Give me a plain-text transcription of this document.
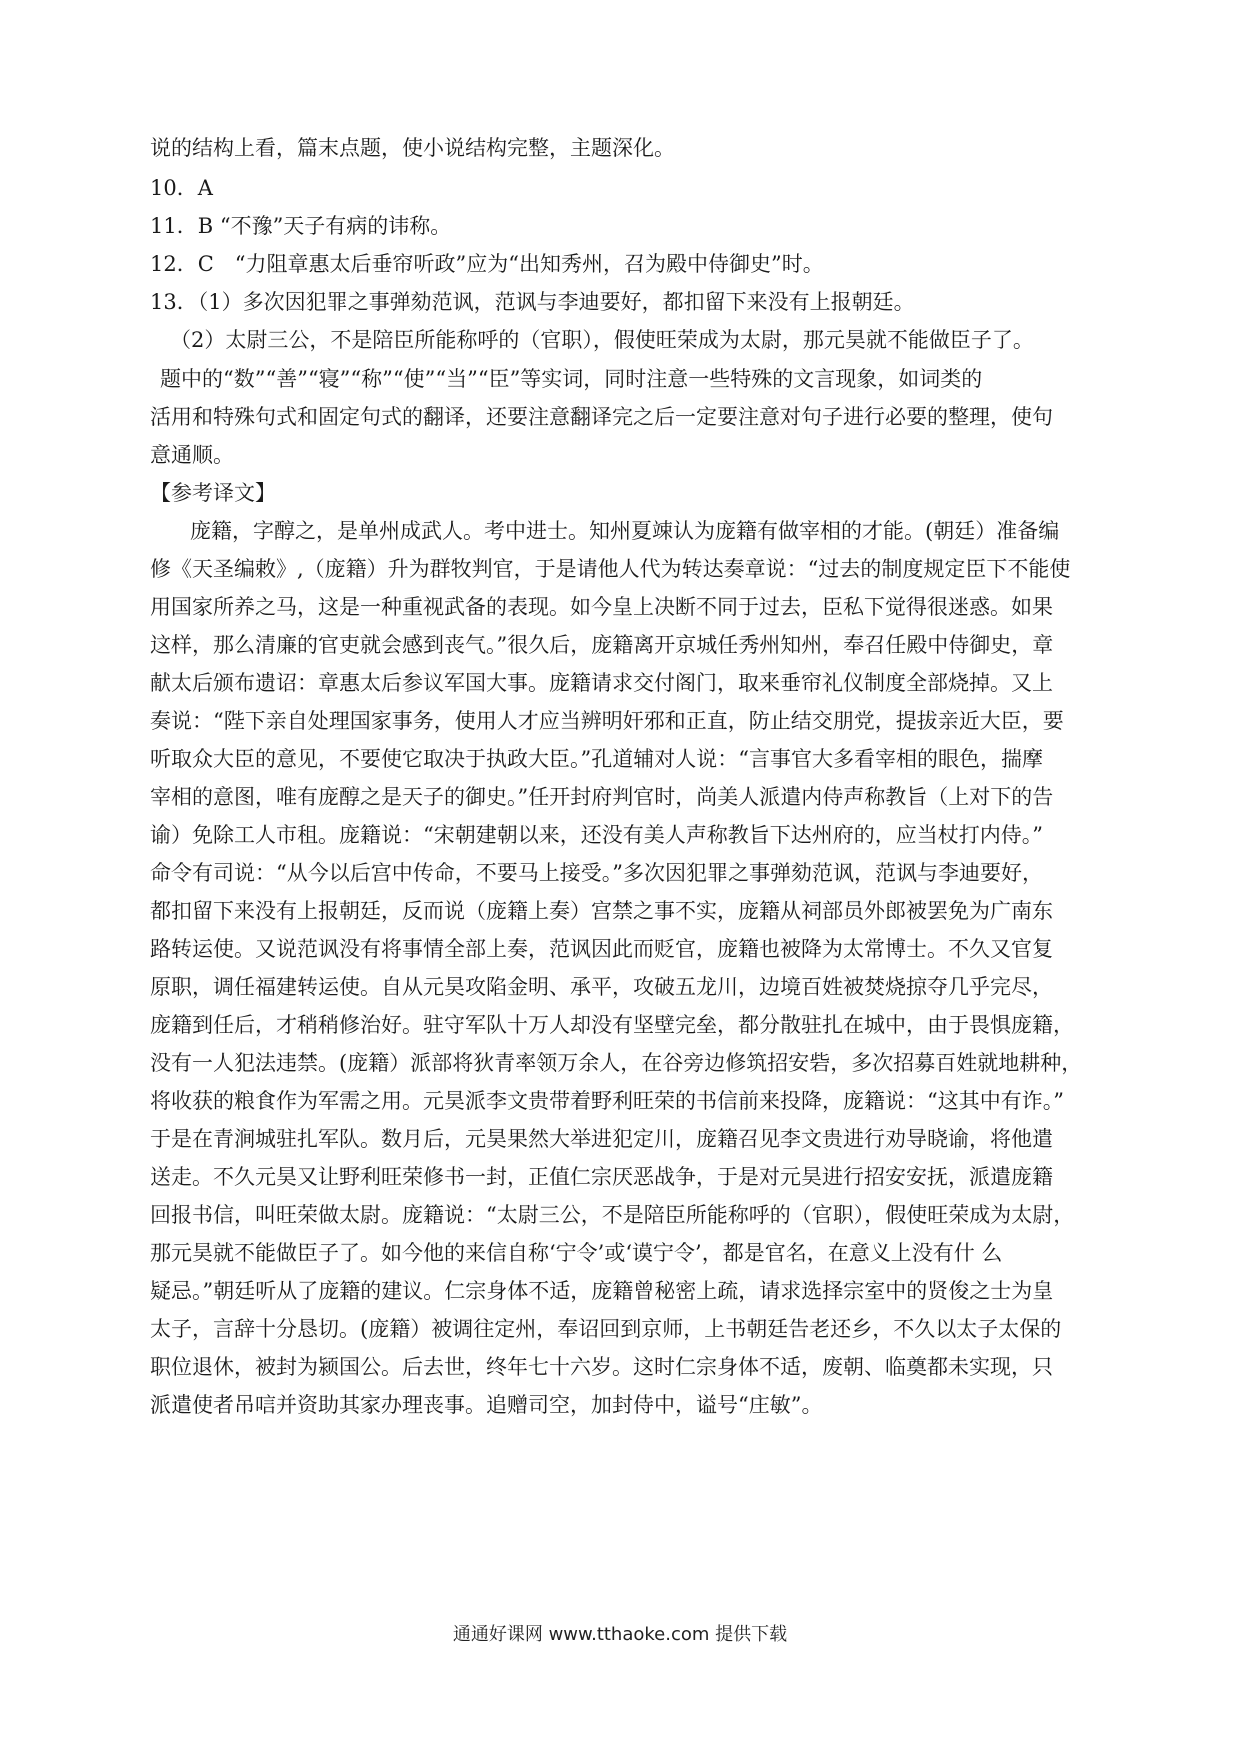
说的结构上看，篇末点题，使小说结构完整，主题深化。
10．A
11．B “不豫”天子有病的讳称。
12．C　“力阻章惠太后垂帘听政”应为“出知秀州，召为殿中侍御史”时。
13．（1）多次因犯罪之事弹劾范讽，范讽与李迪要好，都扣留下来没有上报朝廷。
（2）太尉三公，不是陪臣所能称呼的（官职），假使旺荣成为太尉，那元昊就不能做臣子了。
题中的“数”“善”“寝”“称”“使”“当”“臣”等实词，同时注意一些特殊的文言现象，如词类的
活用和特殊句式和固定句式的翻译，还要注意翻译完之后一定要注意对句子进行必要的整理，使句
意通顺。
【参考译文】
庞籍，字醇之，是单州成武人。考中进士。知州夏竦认为庞籍有做宰相的才能。(朝廷）准备编
修《天圣编敕》,（庞籍）升为群牧判官，于是请他人代为转达奏章说：“过去的制度规定臣下不能使
用国家所养之马，这是一种重视武备的表现。如今皇上决断不同于过去，臣私下觉得很迷惑。如果
这样，那么清廉的官吏就会感到丧气。”很久后，庞籍离开京城任秀州知州，奉召任殿中侍御史，章
献太后颁布遗诏：章惠太后参议军国大事。庞籍请求交付阁门，取来垂帘礼仪制度全部烧掉。又上
奏说：“陛下亲自处理国家事务，使用人才应当辨明奸邪和正直，防止结交朋党，提拔亲近大臣，要
听取众大臣的意见，不要使它取决于执政大臣。”孔道辅对人说：“言事官大多看宰相的眼色，揣摩
宰相的意图，唯有庞醇之是天子的御史。”任开封府判官时，尚美人派遣内侍声称教旨（上对下的告
谕）免除工人市租。庞籍说：“宋朝建朝以来，还没有美人声称教旨下达州府的，应当杖打内侍。”
命令有司说：“从今以后宫中传命，不要马上接受。”多次因犯罪之事弹劾范讽，范讽与李迪要好，
都扣留下来没有上报朝廷，反而说（庞籍上奏）宫禁之事不实，庞籍从祠部员外郎被罢免为广南东
路转运使。又说范讽没有将事情全部上奏，范讽因此而贬官，庞籍也被降为太常博士。不久又官复
原职，调任福建转运使。自从元昊攻陷金明、承平，攻破五龙川，边境百姓被焚烧掠夺几乎完尽，
庞籍到任后，才稍稍修治好。驻守军队十万人却没有坚壁完垒，都分散驻扎在城中，由于畏惧庞籍，
没有一人犯法违禁。(庞籍）派部将狄青率领万余人，在谷旁边修筑招安砦，多次招募百姓就地耕种，
将收获的粮食作为军需之用。元昊派李文贵带着野利旺荣的书信前来投降，庞籍说：“这其中有诈。”
于是在青涧城驻扎军队。数月后，元昊果然大举进犯定川，庞籍召见李文贵进行劝导晓谕，将他遣
送走。不久元昊又让野利旺荣修书一封，正值仁宗厌恶战争，于是对元昊进行招安安抚，派遣庞籍
回报书信，叫旺荣做太尉。庞籍说：“太尉三公，不是陪臣所能称呼的（官职），假使旺荣成为太尉，
那元昊就不能做臣子了。如今他的来信自称‘宁令’或‘谟宁令’，都是官名，在意义上没有什 么
疑忌。”朝廷听从了庞籍的建议。仁宗身体不适，庞籍曾秘密上疏，请求选择宗室中的贤俊之士为皇
太子，言辞十分恳切。(庞籍）被调往定州，奉诏回到京师，上书朝廷告老还乡，不久以太子太保的
职位退休，被封为颍国公。后去世，终年七十六岁。这时仁宗身体不适，废朝、临奠都未实现，只
派遣使者吊唁并资助其家办理丧事。追赠司空，加封侍中，谥号“庄敏”。
通通好课网 www.tthaoke.com 提供下载
